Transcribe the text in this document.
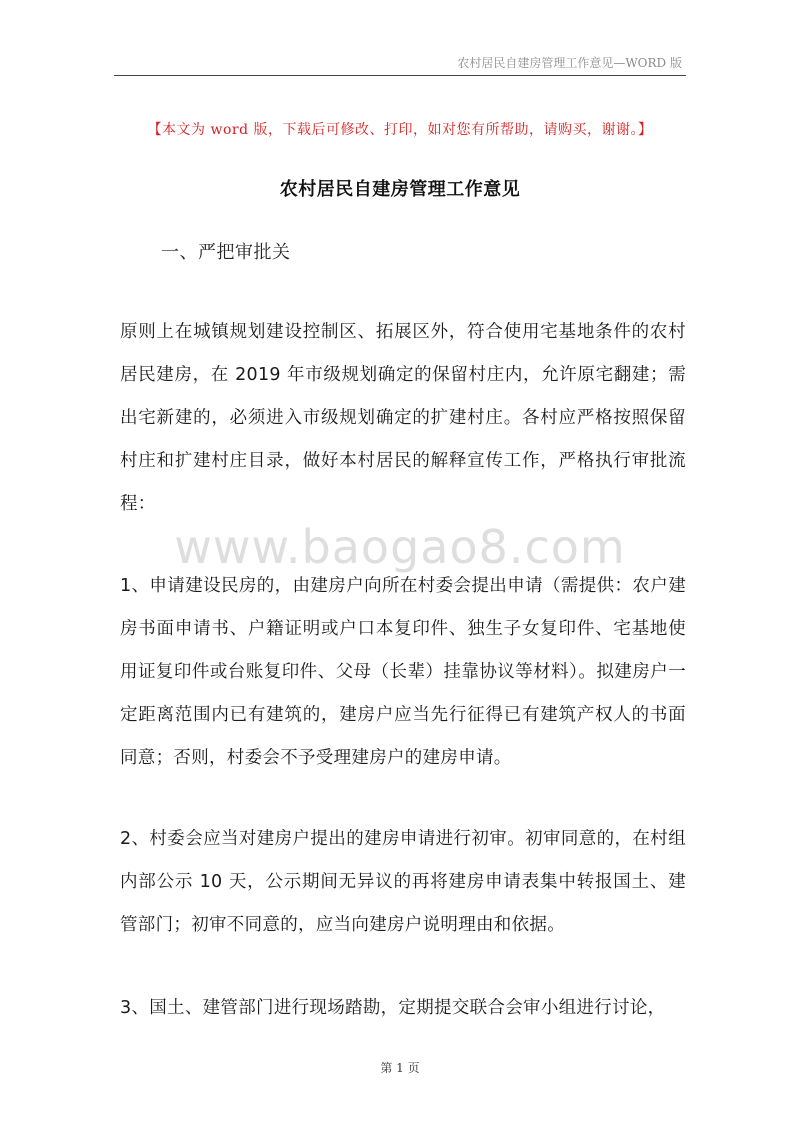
农村居民自建房管理工作意见—WORD 版
【本文为 word 版，下载后可修改、打印，如对您有所帮助，请购买，谢谢。】
农村居民自建房管理工作意见
一、严把审批关

原则上在城镇规划建设控制区、拓展区外，符合使用宅基地条件的农村居民建房，在 2019 年市级规划确定的保留村庄内，允许原宅翻建；需出宅新建的，必须进入市级规划确定的扩建村庄。各村应严格按照保留村庄和扩建村庄目录，做好本村居民的解释宣传工作，严格执行审批流程：

1、申请建设民房的，由建房户向所在村委会提出申请（需提供：农户建房书面申请书、户籍证明或户口本复印件、独生子女复印件、宅基地使用证复印件或台账复印件、父母（长辈）挂靠协议等材料）。拟建房户一定距离范围内已有建筑的，建房户应当先行征得已有建筑产权人的书面同意；否则，村委会不予受理建房户的建房申请。

2、村委会应当对建房户提出的建房申请进行初审。初审同意的，在村组内部公示 10 天，公示期间无异议的再将建房申请表集中转报国土、建管部门；初审不同意的，应当向建房户说明理由和依据。

3、国土、建管部门进行现场踏勘，定期提交联合会审小组进行讨论，

www.baogao8.com
第 1 页
